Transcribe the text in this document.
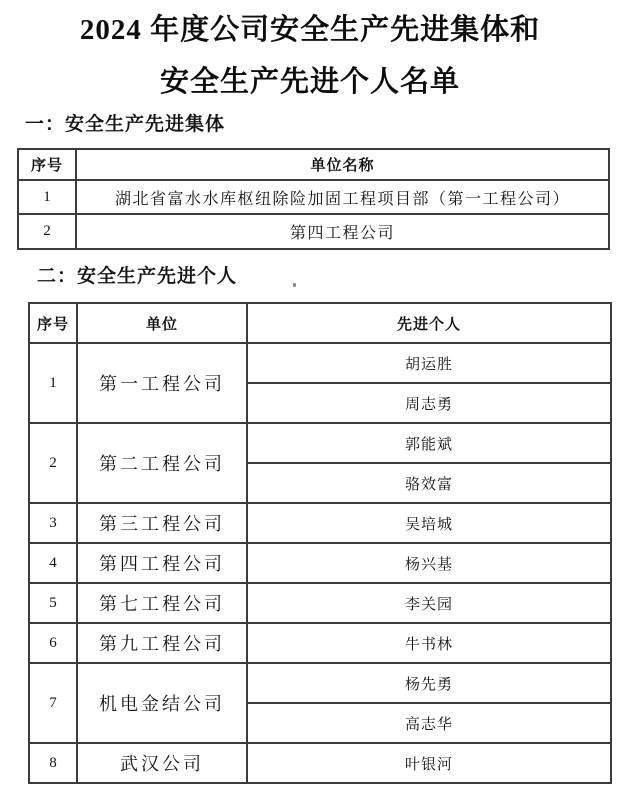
2024 年度公司安全生产先进集体和
安全生产先进个人名单
一：安全生产先进集体
序号	单位名称
1	湖北省富水水库枢纽除险加固工程项目部（第一工程公司）
2	第四工程公司
二：安全生产先进个人
序号	单位	先进个人
1	第一工程公司	胡运胜
		周志勇
2	第二工程公司	郭能斌
		骆效富
3	第三工程公司	吴培城
4	第四工程公司	杨兴基
5	第七工程公司	李关园
6	第九工程公司	牛书林
7	机电金结公司	杨先勇
		高志华
8	武汉公司	叶银河
